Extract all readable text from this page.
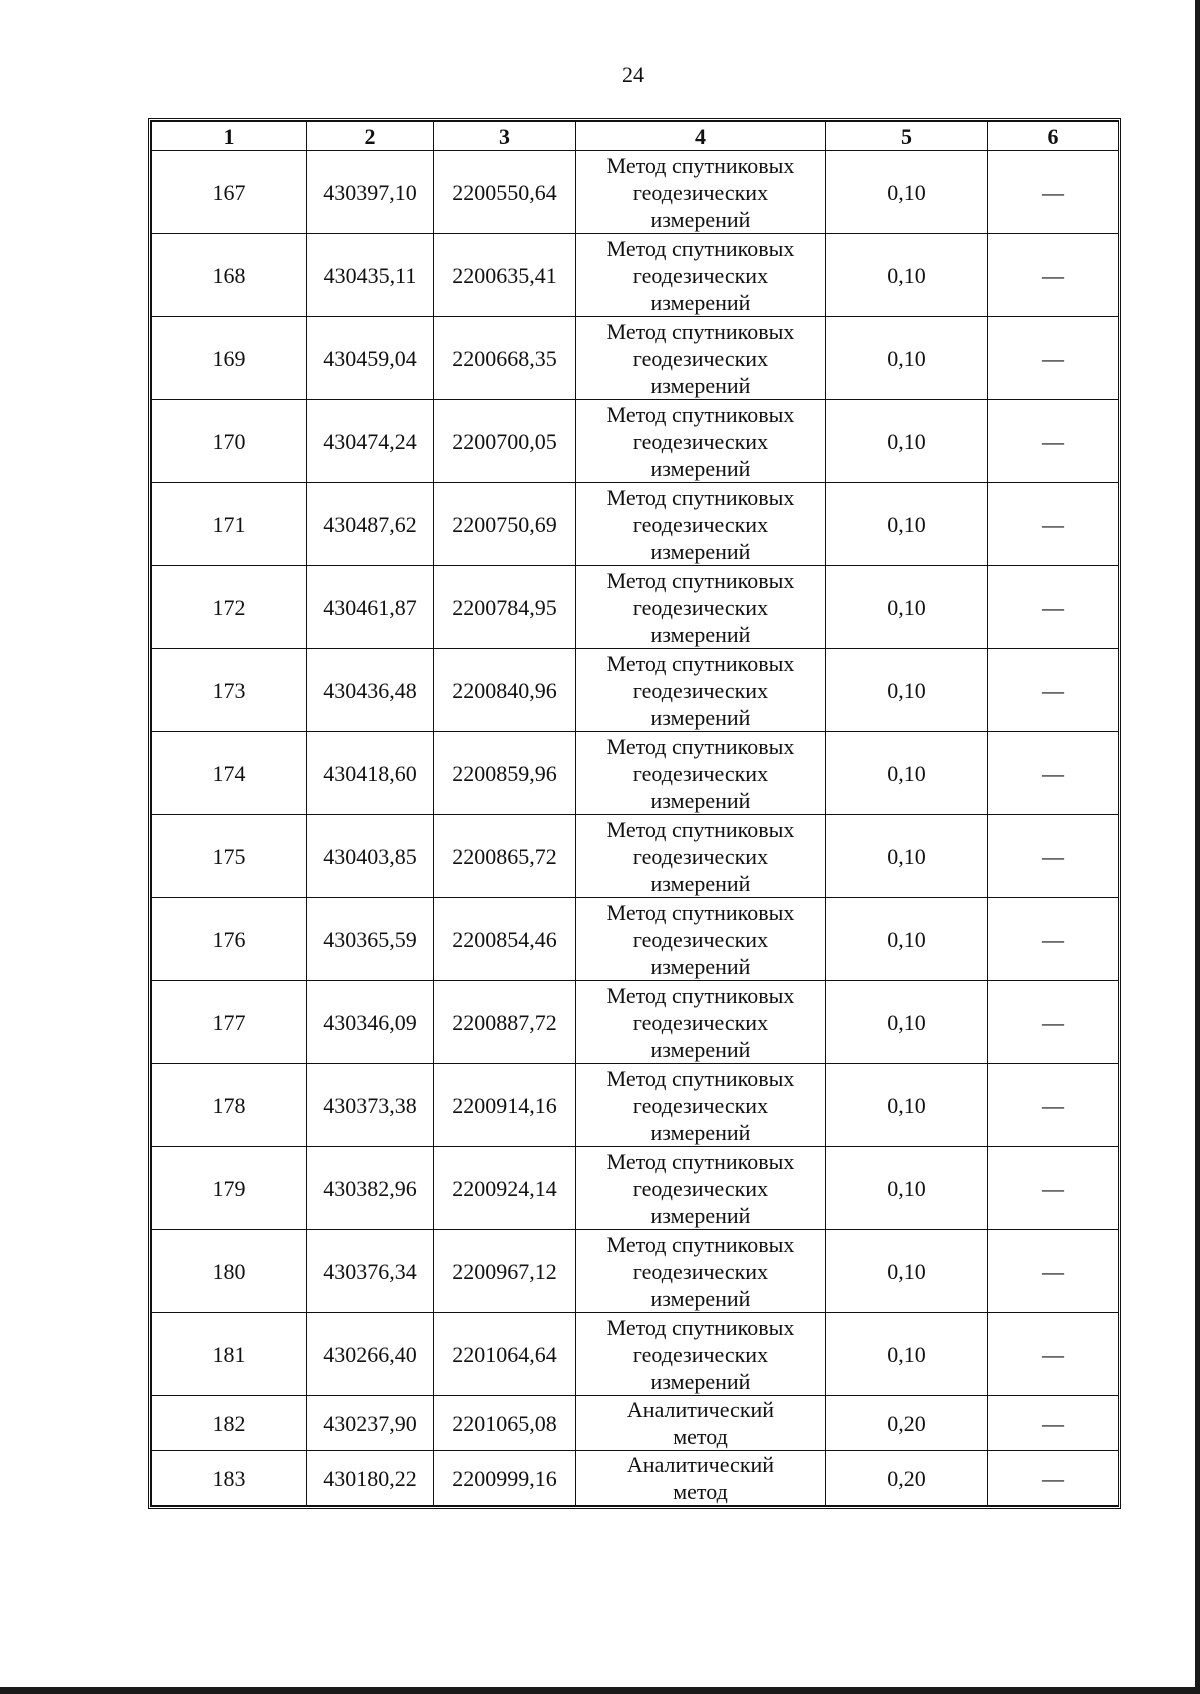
24
1	2	3	4	5	6
167	430397,10	2200550,64	Метод спутниковых
геодезических
измерений	0,10	—
168	430435,11	2200635,41	Метод спутниковых
геодезических
измерений	0,10	—
169	430459,04	2200668,35	Метод спутниковых
геодезических
измерений	0,10	—
170	430474,24	2200700,05	Метод спутниковых
геодезических
измерений	0,10	—
171	430487,62	2200750,69	Метод спутниковых
геодезических
измерений	0,10	—
172	430461,87	2200784,95	Метод спутниковых
геодезических
измерений	0,10	—
173	430436,48	2200840,96	Метод спутниковых
геодезических
измерений	0,10	—
174	430418,60	2200859,96	Метод спутниковых
геодезических
измерений	0,10	—
175	430403,85	2200865,72	Метод спутниковых
геодезических
измерений	0,10	—
176	430365,59	2200854,46	Метод спутниковых
геодезических
измерений	0,10	—
177	430346,09	2200887,72	Метод спутниковых
геодезических
измерений	0,10	—
178	430373,38	2200914,16	Метод спутниковых
геодезических
измерений	0,10	—
179	430382,96	2200924,14	Метод спутниковых
геодезических
измерений	0,10	—
180	430376,34	2200967,12	Метод спутниковых
геодезических
измерений	0,10	—
181	430266,40	2201064,64	Метод спутниковых
геодезических
измерений	0,10	—
182	430237,90	2201065,08	Аналитический
метод	0,20	—
183	430180,22	2200999,16	Аналитический
метод	0,20	—
